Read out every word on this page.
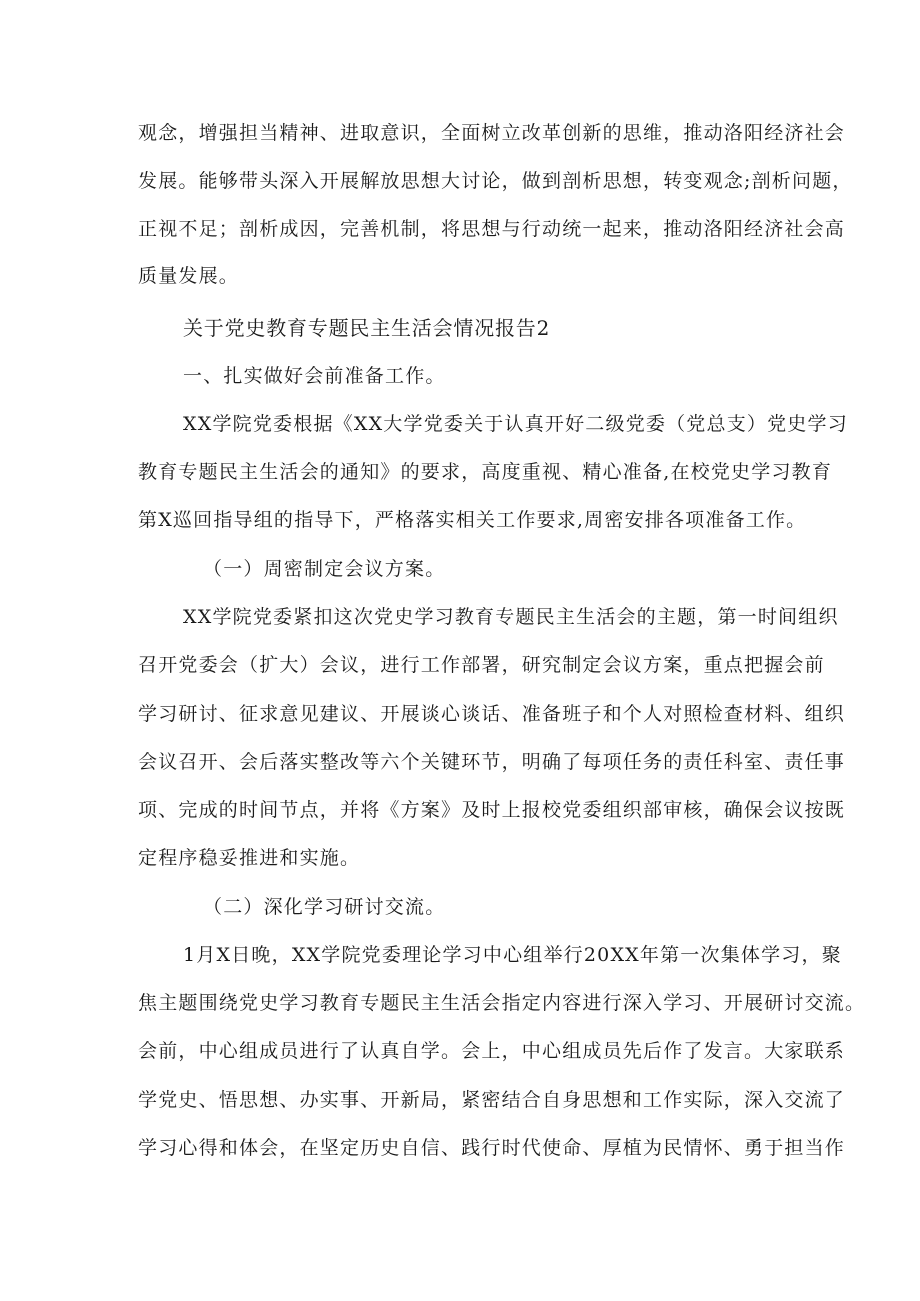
观念，增强担当精神、进取意识，全面树立改革创新的思维，推动洛阳经济社会
发展。能够带头深入开展解放思想大讨论，做到剖析思想，转变观念;剖析问题，
正视不足；剖析成因，完善机制，将思想与行动统一起来，推动洛阳经济社会高
质量发展。
关于党史教育专题民主生活会情况报告2
一、扎实做好会前准备工作。
XX学院党委根据《XX大学党委关于认真开好二级党委（党总支）党史学习
教育专题民主生活会的通知》的要求，高度重视、精心准备,在校党史学习教育
第X巡回指导组的指导下，严格落实相关工作要求,周密安排各项准备工作。
（一）周密制定会议方案。
XX学院党委紧扣这次党史学习教育专题民主生活会的主题，第一时间组织
召开党委会（扩大）会议，进行工作部署，研究制定会议方案，重点把握会前
学习研讨、征求意见建议、开展谈心谈话、准备班子和个人对照检查材料、组织
会议召开、会后落实整改等六个关键环节，明确了每项任务的责任科室、责任事
项、完成的时间节点，并将《方案》及时上报校党委组织部审核，确保会议按既
定程序稳妥推进和实施。
（二）深化学习研讨交流。
1月X日晚，XX学院党委理论学习中心组举行20XX年第一次集体学习，聚
焦主题围绕党史学习教育专题民主生活会指定内容进行深入学习、开展研讨交流。
会前，中心组成员进行了认真自学。会上，中心组成员先后作了发言。大家联系
学党史、悟思想、办实事、开新局，紧密结合自身思想和工作实际，深入交流了
学习心得和体会，在坚定历史自信、践行时代使命、厚植为民情怀、勇于担当作
